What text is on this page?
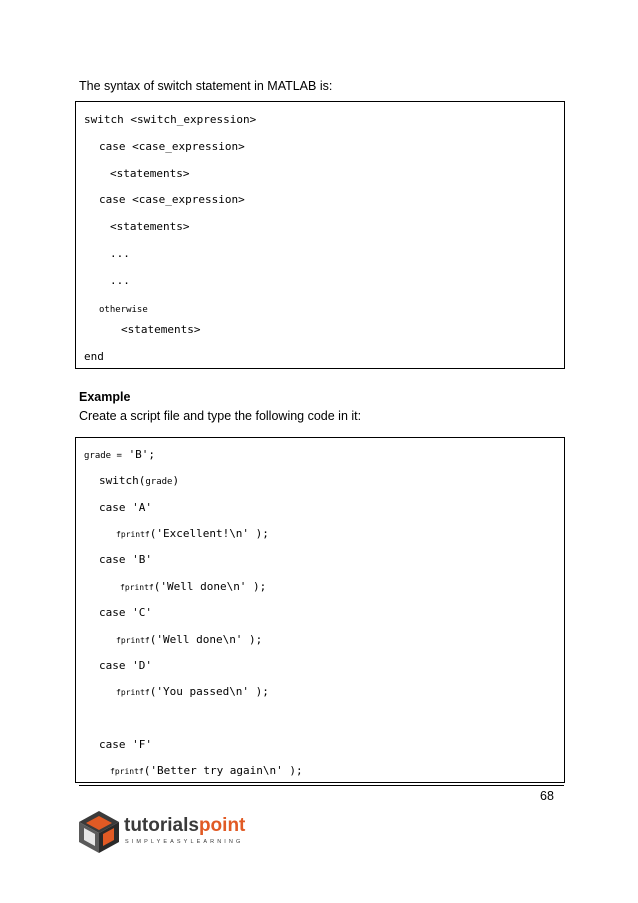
The syntax of switch statement in MATLAB is:
switch <switch_expression>
case <case_expression>
<statements>
case <case_expression>
<statements>
...
...
otherwise
<statements>
end
Example
Create a script file and type the following code in it:
grade = 'B';
switch(grade)
case 'A'
fprintf('Excellent!\n' );
case 'B'
fprintf('Well done\n' );
case 'C'
fprintf('Well done\n' );
case 'D'
fprintf('You passed\n' );
case 'F'
fprintf('Better try again\n' );
68
tutorialspoint
SIMPLYEASYLEARNING
